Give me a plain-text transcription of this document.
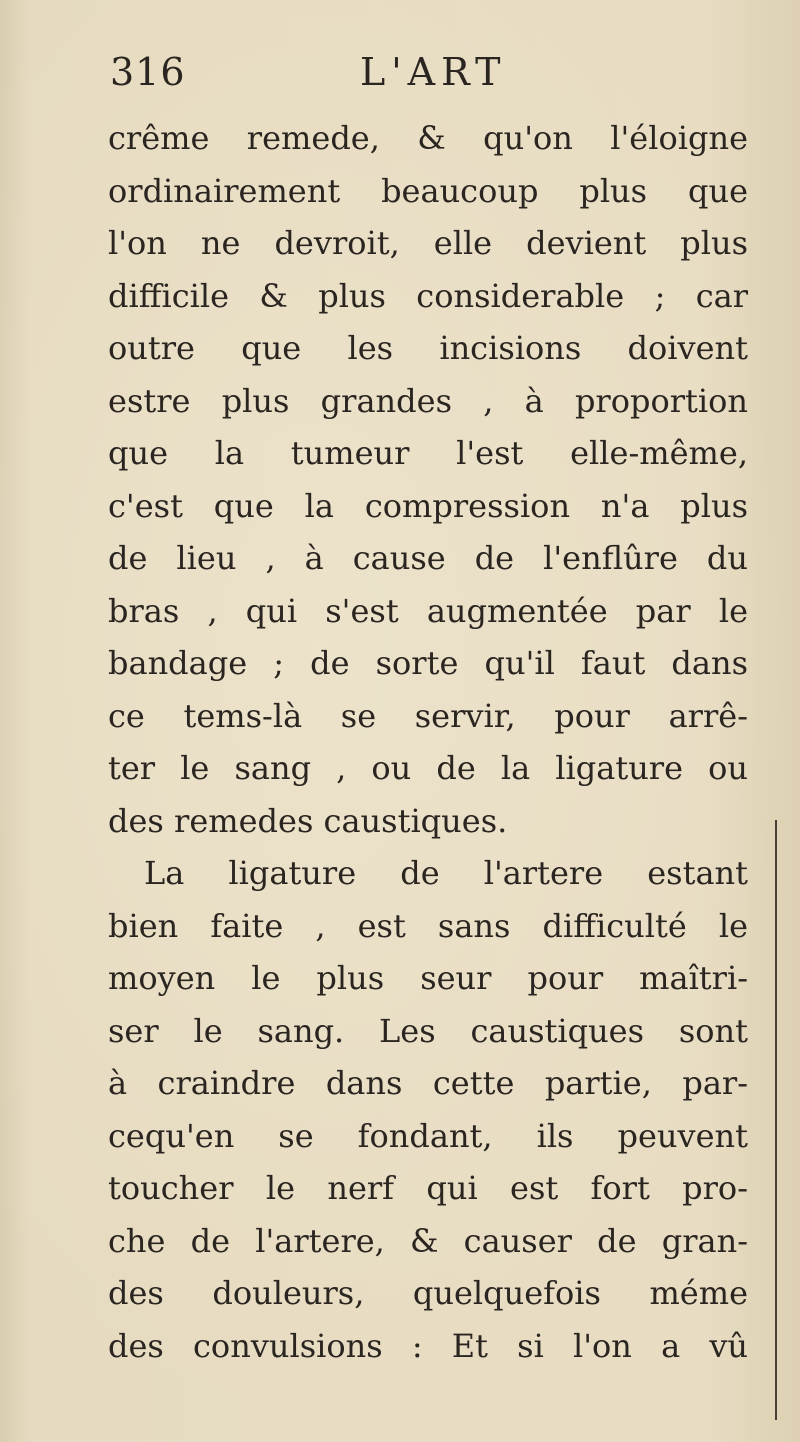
316	L'ART
crême remede, & qu'on l'éloigne
ordinairement beaucoup plus que
l'on ne devroit, elle devient plus
difficile & plus considerable ; car
outre que les incisions doivent
estre plus grandes , à proportion
que la tumeur l'est elle-même,
c'est que la compression n'a plus
de lieu , à cause de l'enflûre du
bras , qui s'est augmentée par le
bandage ; de sorte qu'il faut dans
ce tems-là se servir, pour arrê-
ter le sang , ou de la ligature ou
des remedes caustiques.
La ligature de l'artere estant
bien faite , est sans difficulté le
moyen le plus seur pour maîtri-
ser le sang. Les caustiques sont
à craindre dans cette partie, par-
cequ'en se fondant, ils peuvent
toucher le nerf qui est fort pro-
che de l'artere, & causer de gran-
des douleurs, quelquefois méme
des convulsions : Et si l'on a vû
